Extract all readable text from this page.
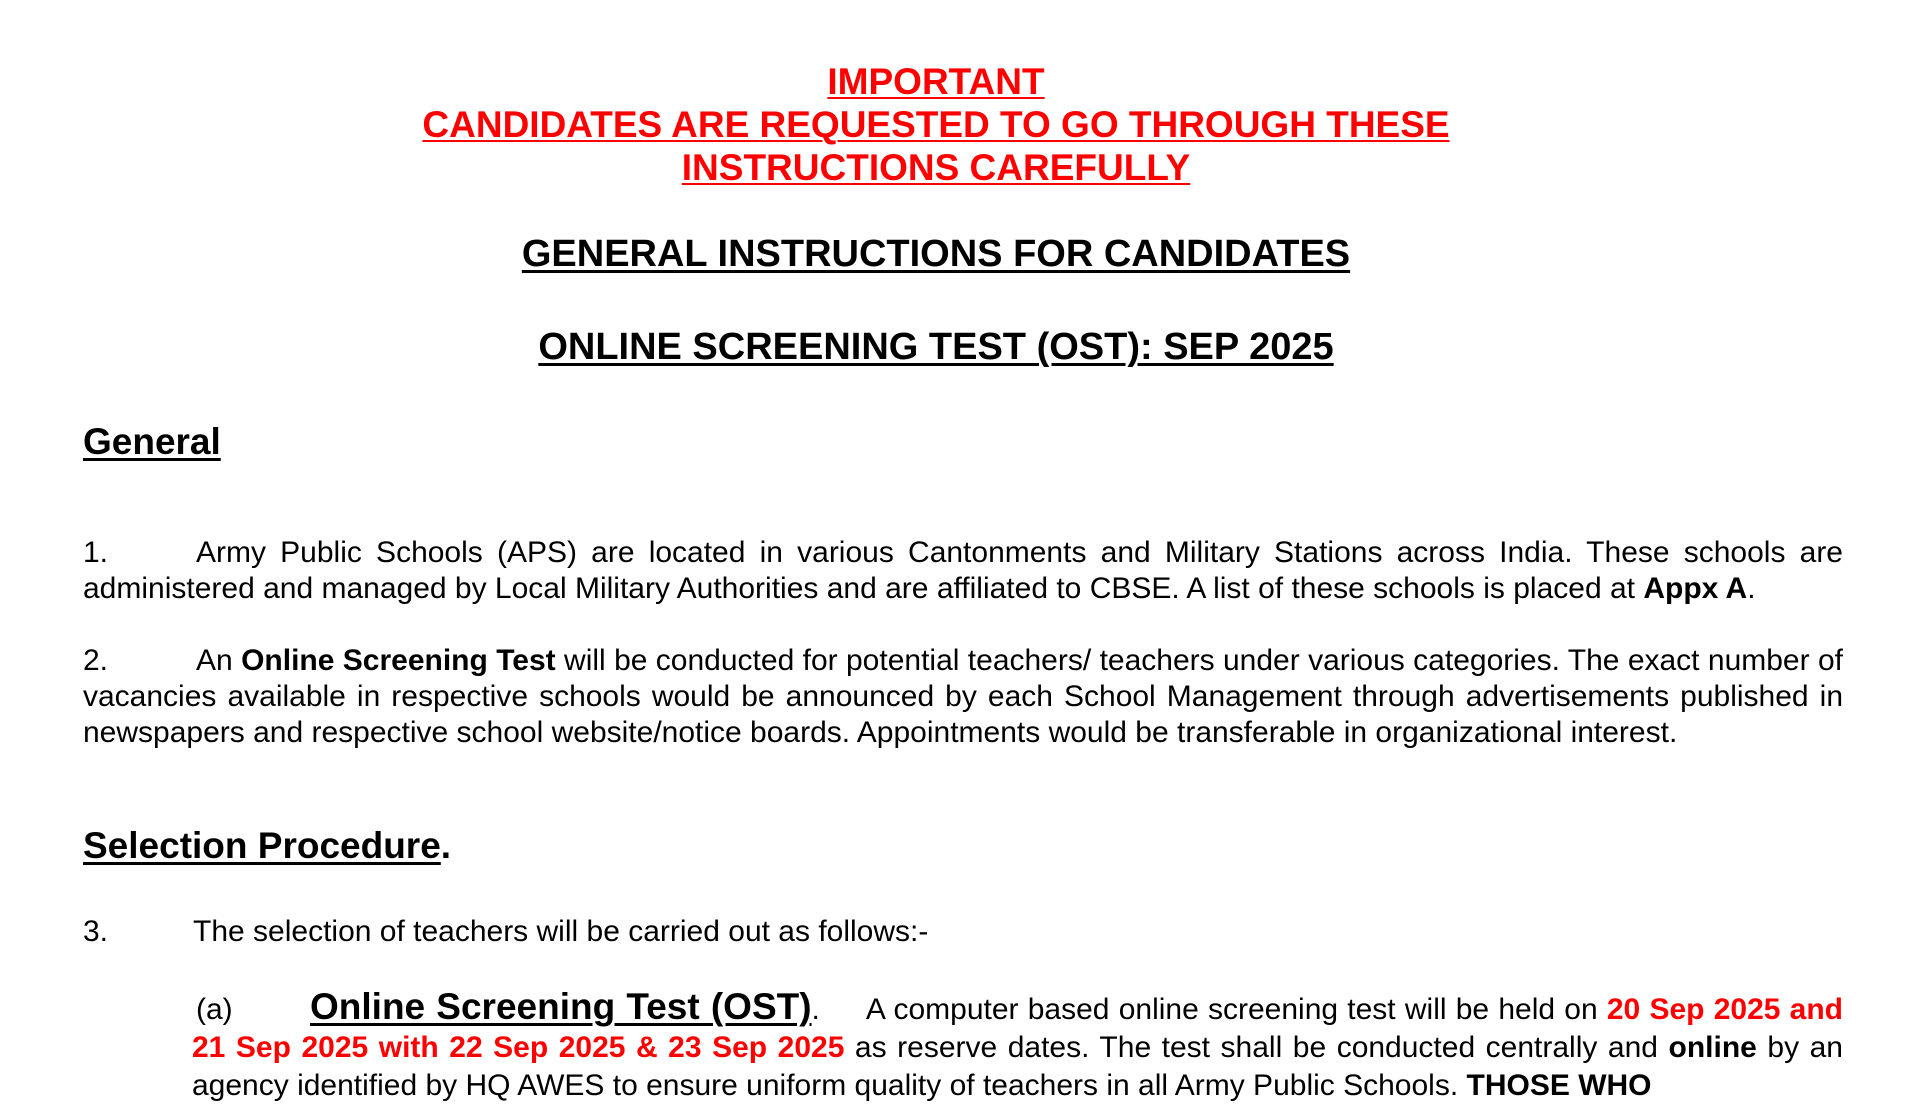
IMPORTANT
CANDIDATES ARE REQUESTED TO GO THROUGH THESE
INSTRUCTIONS CAREFULLY
GENERAL INSTRUCTIONS FOR CANDIDATES
ONLINE SCREENING TEST (OST): SEP 2025
General
1.	Army Public Schools (APS) are located in various Cantonments and Military Stations across India. These schools are administered and managed by Local Military Authorities and are affiliated to CBSE. A list of these schools is placed at Appx A.
2.	An Online Screening Test will be conducted for potential teachers/ teachers under various categories. The exact number of vacancies available in respective schools would be announced by each School Management through advertisements published in newspapers and respective school website/notice boards. Appointments would be transferable in organizational interest.
Selection Procedure.
3.	The selection of teachers will be carried out as follows:-
(a) Online Screening Test (OST). A computer based online screening test will be held on 20 Sep 2025 and 21 Sep 2025 with 22 Sep 2025 & 23 Sep 2025 as reserve dates. The test shall be conducted centrally and online by an agency identified by HQ AWES to ensure uniform quality of teachers in all Army Public Schools. THOSE WHO
